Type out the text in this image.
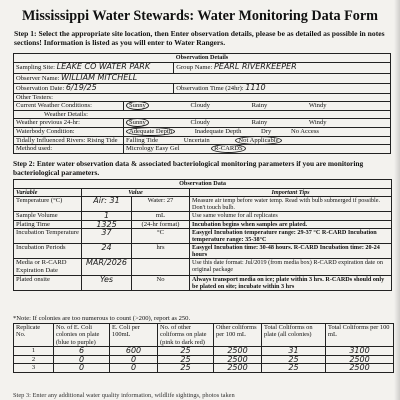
Mississippi Water Stewards: Water Monitoring Data Form
Step 1: Select the appropriate site location, then Enter observation details, please be as detailed as possible in notes sections! Information is listed as you will enter to Water Rangers.
Observation Details		
Sampling Site: LEAKE CO WATER PARK		Group Name: PEARL RIVERKEEPER
Observer Name: WILLIAM MITCHELL		
Observation Date: 6/19/25		Observation Time (24hr): 1110
Other Testers:		
Current Weather Conditions:	Sunny Cloudy Rainy Windy	
Weather Details:		
Weather previous 24-hr:	Sunny Cloudy Rainy Windy	
Waterbody Condition:	Adequate Depth Inadequate Depth Dry No Access	
Tidally Influenced Rivers: Rising Tide	Falling Tide Uncertain Not Applicable	
Method used:	Micrology Easy Gel R-CARDS	
Step 2: Enter water observation data & associated bacteriological monitoring parameters if you are monitoring bacteriological parameters.
Observation Data			
Variable	Value		Important Tips
Temperature (°C)	Air: 31	Water: 27	Measure air temp before water temp. Read with bulb submerged if possible. Don't touch bulb.
Sample Volume	1	mL	Use same volume for all replicates
Plating Time	1325	(24-hr format)	Incubation begins when samples are plated.
Incubation Temperature	37	°C	Easygel Incubation temperature range: 29-37 °C R-CARD Incubation temperature range: 35-38°C
Incubation Periods	24	hrs	Easygel Incubation time: 30-48 hours. R-CARD Incubation time: 20-24 hours
Media or R-CARD Expiration Date	MAR/2026		Use this date format: Jul/2019 (from media box) R-CARD expiration date on original package
Plated onsite	Yes	No	Always transport media on ice; plate within 3 hrs. R-CARDs should only be plated on site; incubate within 3 hrs
*Note: If colonies are too numerous to count (>200), report as 250.
Replicate No.	No. of E. Coli colonies on plate (blue to purple)	E. Coli per 100mL	No. of other coliforms on plate (pink to dark red)	Other coliforms per 100 mL	Total Coliforms on plate (all colonies)	Total Coliforms per 100 mL
1	6	600	25	2500	31	3100
2	0	0	25	2500	25	2500
3	0	0	25	2500	25	2500
Step 3: Enter any additional water quality information, wildlife sightings, photos taken
